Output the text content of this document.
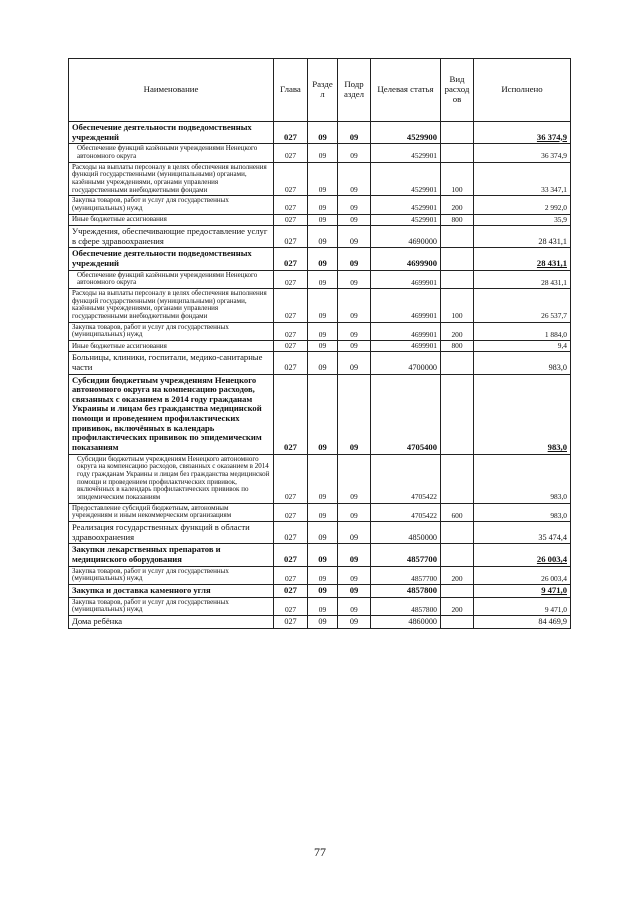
Наименование	Глава	Разде л	Подр аздел	Целевая статья	Вид расход ов	Исполнено
Обеспечение деятельности подведомственных учреждений	027	09	09	4529900		36 374,9
Обеспечение функций казёнными учреждениями Ненецкого автономного округа	027	09	09	4529901		36 374,9
Расходы на выплаты персоналу в целях обеспечения выполнения функций государственными (муниципальными) органами, казёнными учреждениями, органами управления государственными внебюджетными фондами	027	09	09	4529901	100	33 347,1
Закупка товаров, работ и услуг для государственных (муниципальных) нужд	027	09	09	4529901	200	2 992,0
Иные бюджетные ассигнования	027	09	09	4529901	800	35,9
Учреждения, обеспечивающие предоставление услуг в сфере здравоохранения	027	09	09	4690000		28 431,1
Обеспечение деятельности подведомственных учреждений	027	09	09	4699900		28 431,1
Обеспечение функций казёнными учреждениями Ненецкого автономного округа	027	09	09	4699901		28 431,1
Расходы на выплаты персоналу в целях обеспечения выполнения функций государственными (муниципальными) органами, казёнными учреждениями, органами управления государственными внебюджетными фондами	027	09	09	4699901	100	26 537,7
Закупка товаров, работ и услуг для государственных (муниципальных) нужд	027	09	09	4699901	200	1 884,0
Иные бюджетные ассигнования	027	09	09	4699901	800	9,4
Больницы, клиники, госпитали, медико-санитарные части	027	09	09	4700000		983,0
Субсидии бюджетным учреждениям Ненецкого автономного округа на компенсацию расходов, связанных с оказанием в 2014 году гражданам Украины и лицам без гражданства медицинской помощи и проведением профилактических прививок, включённых в календарь профилактических прививок по эпидемическим показаниям	027	09	09	4705400		983,0
Субсидии бюджетным учреждениям Ненецкого автономного округа на компенсацию расходов, связанных с оказанием в 2014 году гражданам Украины и лицам без гражданства медицинской помощи и проведением профилактических прививок, включённых в календарь профилактических прививок по эпидемическим показаниям	027	09	09	4705422		983,0
Предоставление субсидий бюджетным, автономным учреждениям и иным некоммерческим организациям	027	09	09	4705422	600	983,0
Реализация государственных функций в области здравоохранения	027	09	09	4850000		35 474,4
Закупки лекарственных препаратов и медицинского оборудования	027	09	09	4857700		26 003,4
Закупка товаров, работ и услуг для государственных (муниципальных) нужд	027	09	09	4857700	200	26 003,4
Закупка и доставка каменного угля	027	09	09	4857800		9 471,0
Закупка товаров, работ и услуг для государственных (муниципальных) нужд	027	09	09	4857800	200	9 471,0
Дома ребёнка	027	09	09	4860000		84 469,9
77
